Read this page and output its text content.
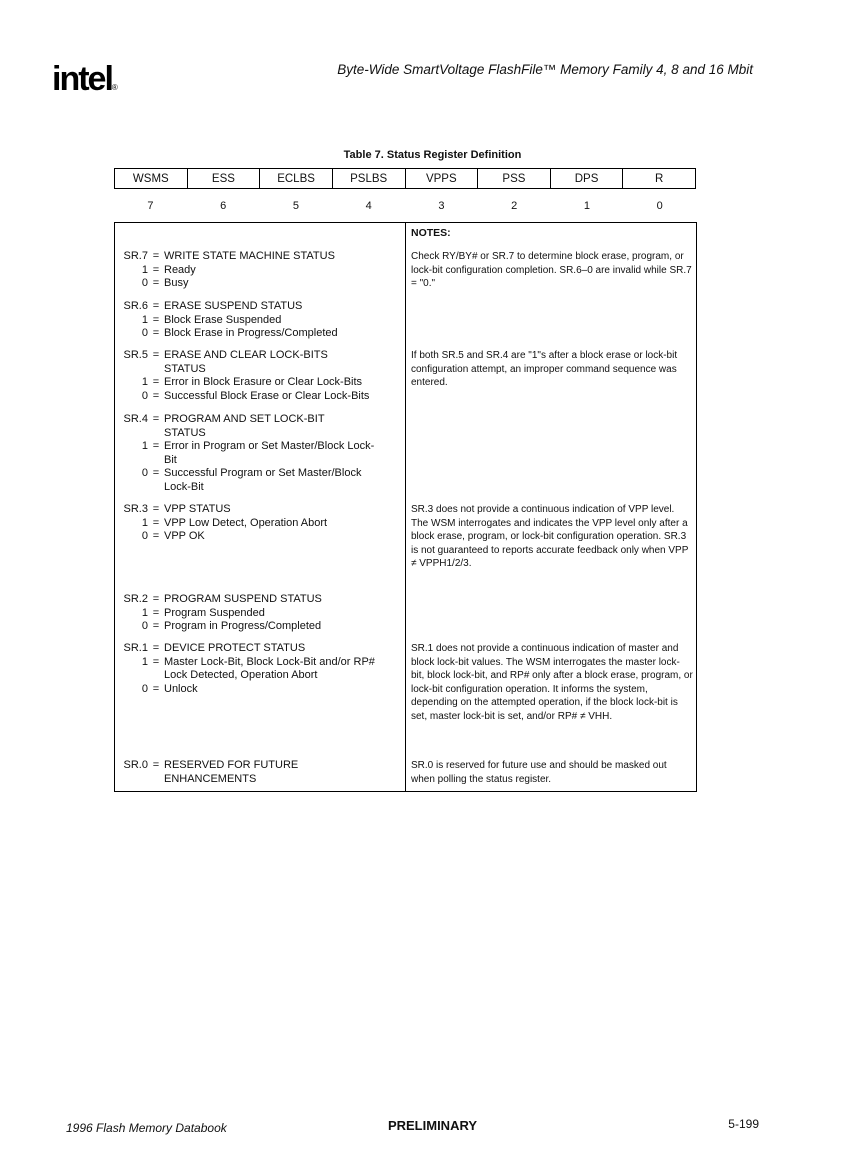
intel®
Byte-Wide SmartVoltage FlashFile™ Memory Family 4, 8 and 16 Mbit
Table 7. Status Register Definition
WSMS	ESS	ECLBS	PSLBS	VPPS	PSS	DPS	R
7	6	5	4	3	2	1	0
NOTES:
SR.7 = WRITE STATE MACHINE STATUS
1 = Ready
0 = Busy
Check RY/BY# or SR.7 to determine block erase, program, or lock-bit configuration completion. SR.6–0 are invalid while SR.7 = "0."
SR.6 = ERASE SUSPEND STATUS
1 = Block Erase Suspended
0 = Block Erase in Progress/Completed
SR.5 = ERASE AND CLEAR LOCK-BITS STATUS
1 = Error in Block Erasure or Clear Lock-Bits
0 = Successful Block Erase or Clear Lock-Bits
If both SR.5 and SR.4 are "1"s after a block erase or lock-bit configuration attempt, an improper command sequence was entered.
SR.4 = PROGRAM AND SET LOCK-BIT STATUS
1 = Error in Program or Set Master/Block Lock-Bit
0 = Successful Program or Set Master/Block Lock-Bit
SR.3 = VPP STATUS
1 = VPP Low Detect, Operation Abort
0 = VPP OK
SR.3 does not provide a continuous indication of VPP level. The WSM interrogates and indicates the VPP level only after a block erase, program, or lock-bit configuration operation. SR.3 is not guaranteed to reports accurate feedback only when VPP ≠ VPPH1/2/3.
SR.2 = PROGRAM SUSPEND STATUS
1 = Program Suspended
0 = Program in Progress/Completed
SR.1 = DEVICE PROTECT STATUS
1 = Master Lock-Bit, Block Lock-Bit and/or RP# Lock Detected, Operation Abort
0 = Unlock
SR.1 does not provide a continuous indication of master and block lock-bit values. The WSM interrogates the master lock-bit, block lock-bit, and RP# only after a block erase, program, or lock-bit configuration operation. It informs the system, depending on the attempted operation, if the block lock-bit is set, master lock-bit is set, and/or RP# ≠ VHH.
SR.0 = RESERVED FOR FUTURE ENHANCEMENTS
SR.0 is reserved for future use and should be masked out when polling the status register.
1996 Flash Memory Databook	PRELIMINARY	5-199
